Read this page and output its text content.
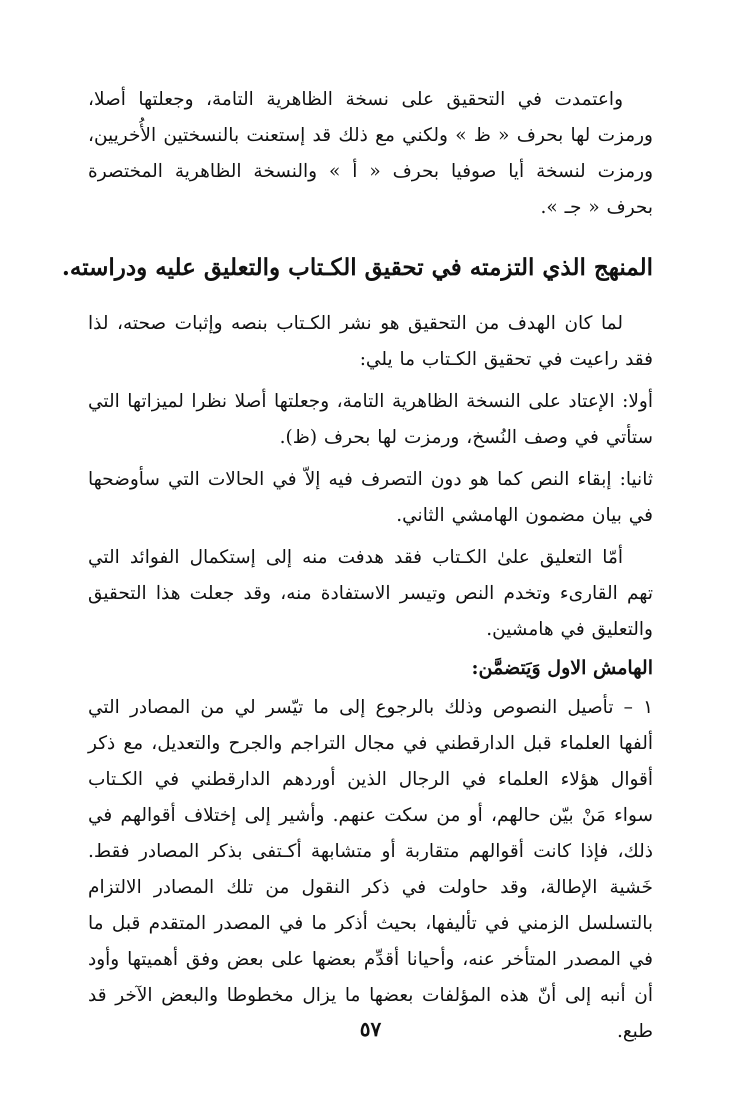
واعتمدت في التحقيق على نسخة الظاهرية التامة، وجعلتها أصلا، ورمزت لها بحرف « ظ » ولكني مع ذلك قد إستعنت بالنسختين الأُخريين، ورمزت لنسخة أيا صوفيا بحرف « أ » والنسخة الظاهرية المختصرة بحرف « جـ ».

المنهج الذي التزمته في تحقيق الكـتاب والتعليق عليه ودراسته.

لما كان الهدف من التحقيق هو نشر الكـتاب بنصه وإثبات صحته، لذا فقد راعيت في تحقيق الكـتاب ما يلي:

أولا: الإعتاد على النسخة الظاهرية التامة، وجعلتها أصلا نظرا لميزاتها التي ستأتي في وصف النُسخ، ورمزت لها بحرف (ظ).

ثانيا: إبقاء النص كما هو دون التصرف فيه إلاّ في الحالات التي سأوضحها في بيان مضمون الهامشي الثاني.

أمّا التعليق علىٰ الكـتاب فقد هدفت منه إلى إستكمال الفوائد التي تهم القارىء وتخدم النص وتيسر الاستفادة منه، وقد جعلت هذا التحقيق والتعليق في هامشين.

الهامش الاول وَيَتضمَّن:

١ – تأصيل النصوص وذلك بالرجوع إلى ما تيّسر لي من المصادر التي ألفها العلماء قبل الدارقطني في مجال التراجم والجرح والتعديل، مع ذكر أقوال هؤلاء العلماء في الرجال الذين أوردهم الدارقطني في الكـتاب سواء مَنْ بيّن حالهم، أو من سكت عنهم. وأشير إلى إختلاف أقوالهم في ذلك، فإذا كانت أقوالهم متقاربة أو متشابهة أكـتفى بذكر المصادر فقط. خَشية الإطالة، وقد حاولت في ذكر النقول من تلك المصادر الالتزام بالتسلسل الزمني في تأليفها، بحيث أذكر ما في المصدر المتقدم قبل ما في المصدر المتأخر عنه، وأحيانا أقدِّم بعضها على بعض وفق أهميتها وأود أن أنبه إلى أنّ هذه المؤلفات بعضها ما يزال مخطوطا والبعض الآخر قد طبع.

٥٧
